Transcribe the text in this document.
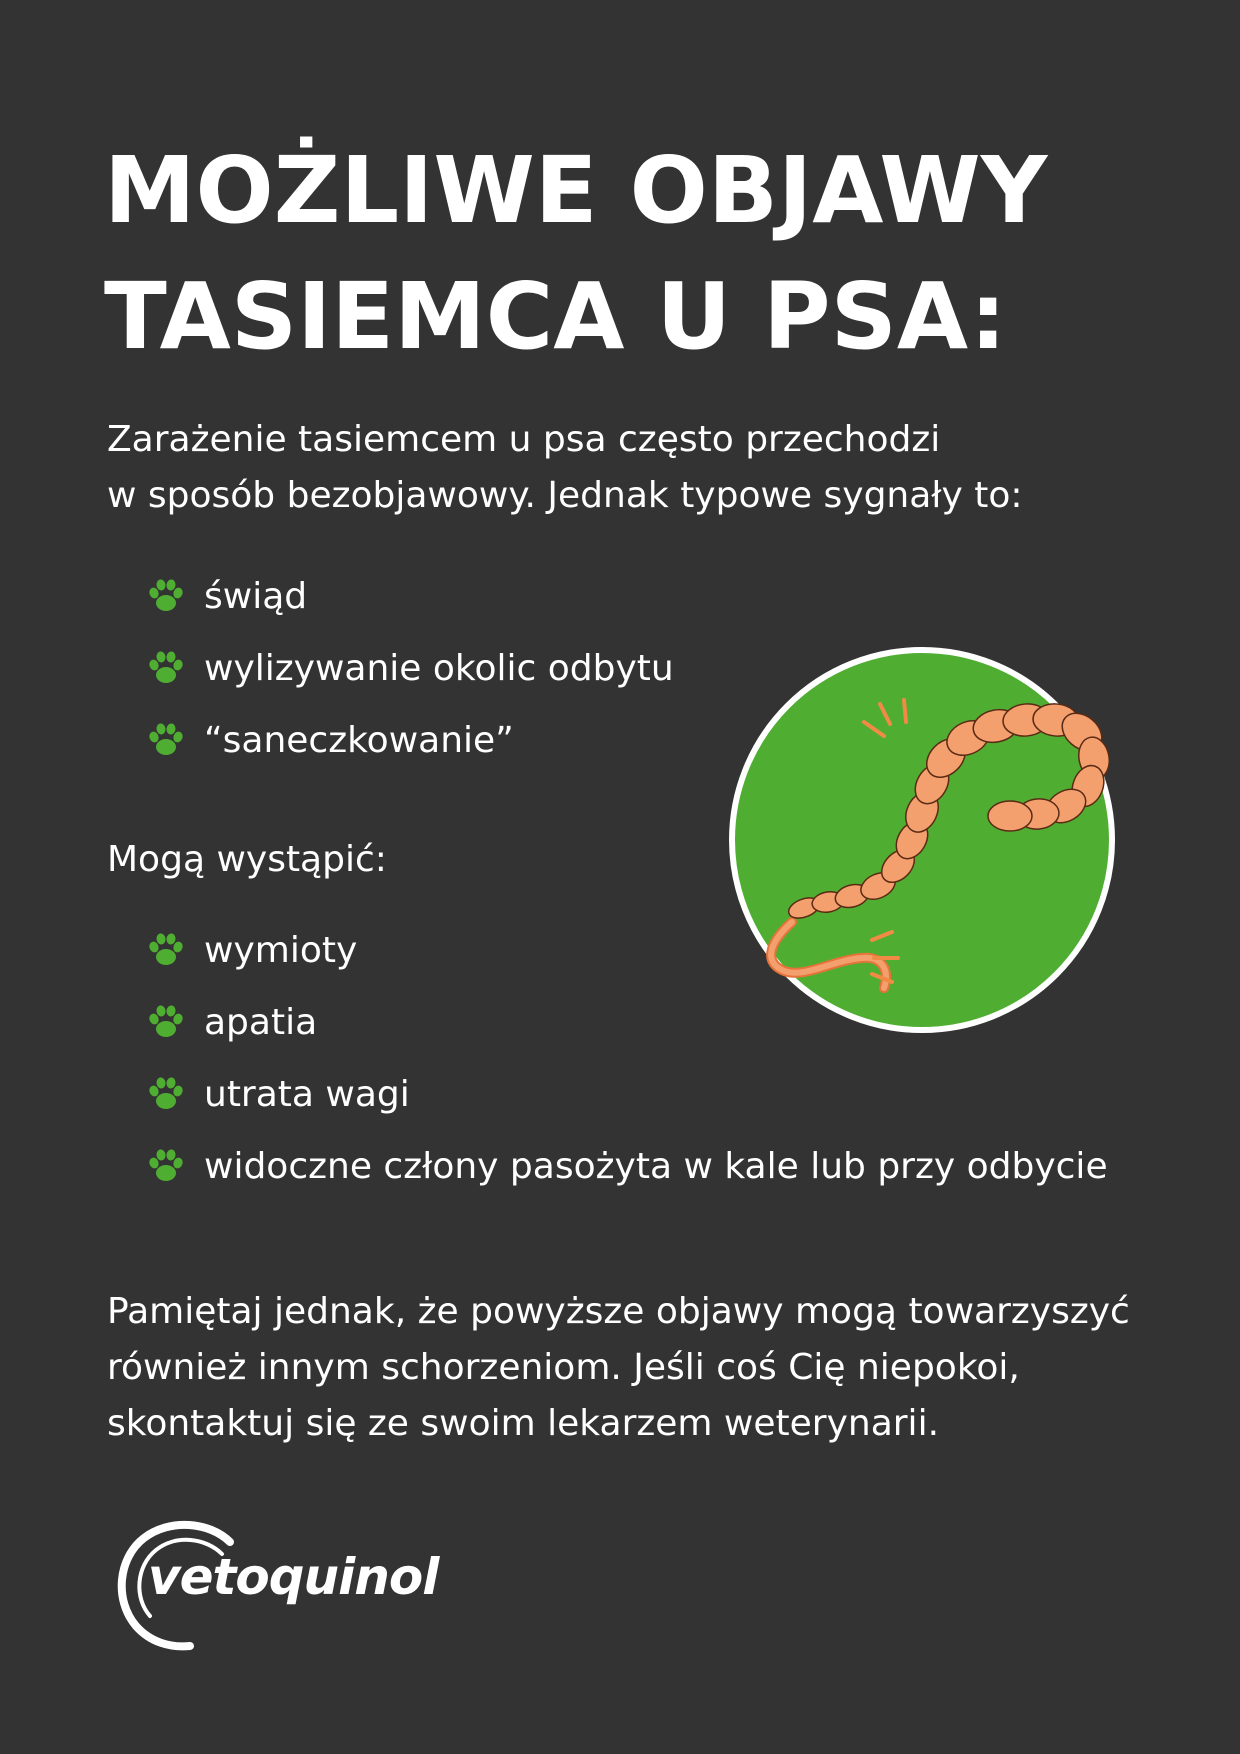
MOŻLIWE OBJAWY
TASIEMCA U PSA:

Zarażenie tasiemcem u psa często przechodzi
w sposób bezobjawowy. Jednak typowe sygnały to:

świąd
wylizywanie okolic odbytu
“saneczkowanie”

Mogą wystąpić:

wymioty
apatia
utrata wagi
widoczne człony pasożyta w kale lub przy odbycie

Pamiętaj jednak, że powyższe objawy mogą towarzyszyć
również innym schorzeniom. Jeśli coś Cię niepokoi,
skontaktuj się ze swoim lekarzem weterynarii.

vetoquinol
